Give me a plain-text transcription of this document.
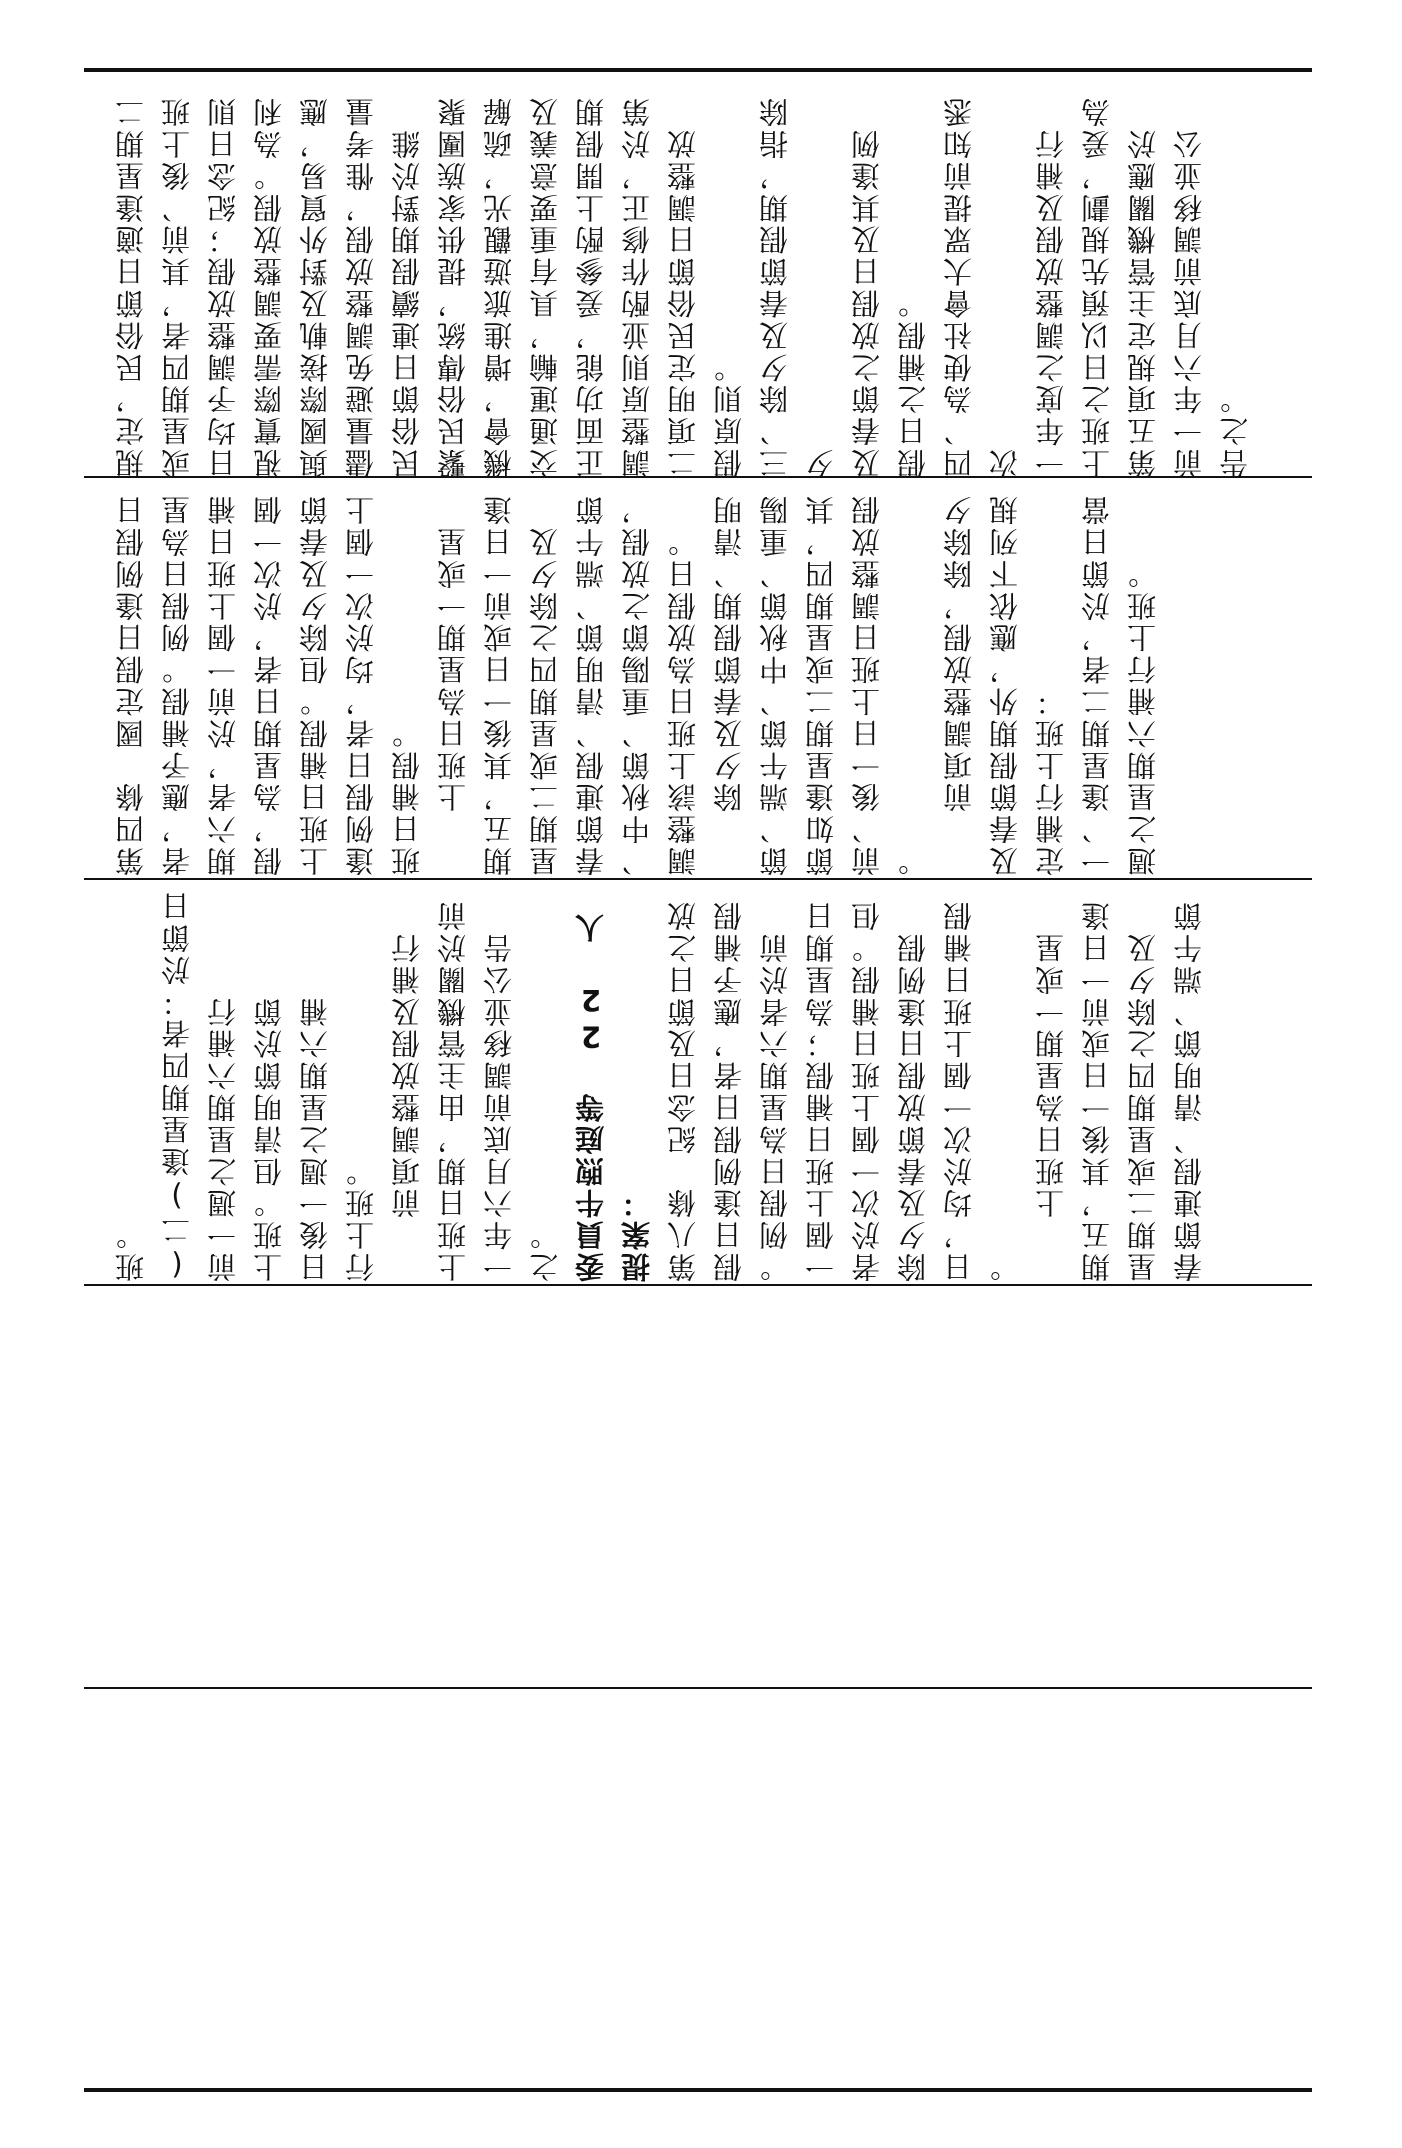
規定，民俗節日適逢星期二 或星期四者，其前、後上班 日均予調整放假；紀念日則 視實際需要調整放假。為利 與國際接軌及對外貿易，應 儘量避免調整放假，惟考量 民俗節日連續假期對於維 繫民俗傳統，提供家族團聚 機會，增進旅遊觀光，疏解 交通運輸，具有重要意義及 正面功能，爰參酌上開假期 調整原則並酌作修正，於第 二項明定民俗節日調整放 假原則。 三、除夕及春節假期，指除夕 及春節之放假日及其逢例 假日之補假。 四、為使社會大眾提前知悉次 一年度之調整放假及補行 上班之日以預先規劃，爰為 第五項規定主管機關應於 前一年六月底前調移並公 告之。
第四條　國定假日逢例假日 者，應予補假。例假日為星 期六者，於前一個上班日補 假，為星期日者，於次一個 上班日補假。但除夕及春節 逢例假日者，均於次一個上 班日補假。 　　上班日為星期一或星 期五，其後一日或前一日逢 星期二或星期四之除夕及 春節連假、清明節、端午節 、中秋節、重陽節之放假， 調整該上班日為放假日。 　　除夕及春節假期、清明 節、端午節、中秋節、重陽 節如逢星期二或星期四，其 前、後一日上班日調整放假 。 　　前項調整放假，除除夕 及春節假期外，應依下列規 定補行上班： 一、逢星期二者，於節日當 週之星期六補行上班。
班。 (二)逢星期四者：於節日 前一週之星期六補行 上班。但清明節於節 日後一週之星期六補 行上班。 　　前項調整放假及補行 上班日期，由主管機關於前 一年六月底前調移並公告 之。 委員牛煦庭等 22 人提案： 第八條　紀念日及節日之放 假日逢例假日者，應予補假 。例假日為星期六者於前 一個上班日補假；為星期日 者於次一個上班日補假。但 除夕及春節放假日逢例假 日，均於次一個上班日補假 。 　　上班日為星期一或星 期五，其後一日或前一日逢 星期二或星期四之除夕及 春節連假、清明節、端午節
